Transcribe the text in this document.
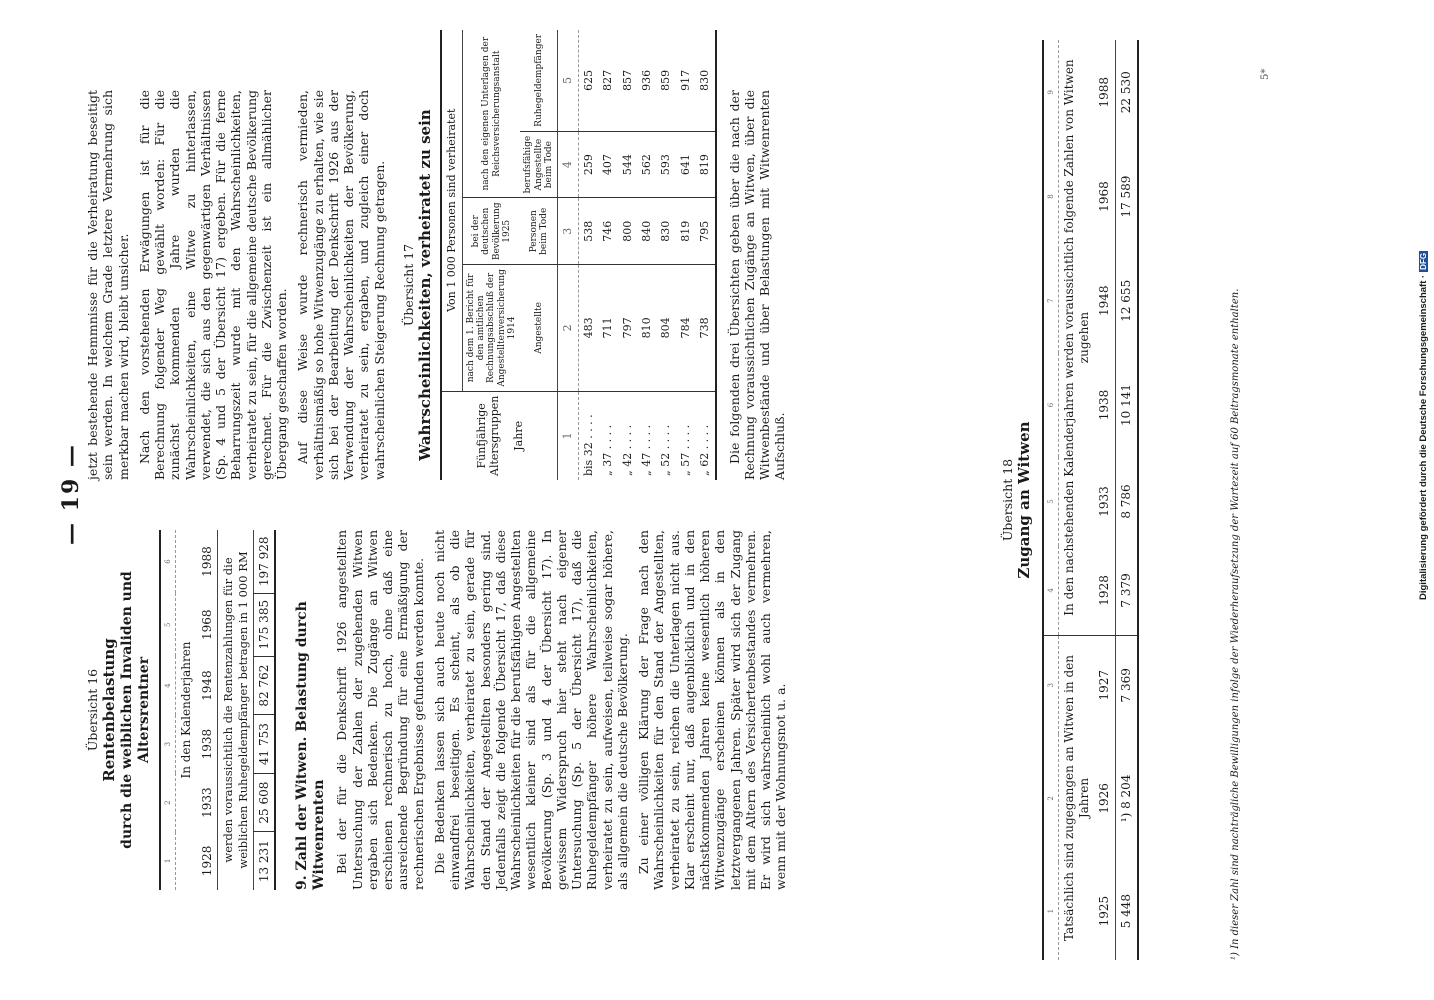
— 19 —
Übersicht 16 Rentenbelastung durch die weiblichen Invaliden und Altersrentner
1	2	3	4	5	6
In den Kalenderjahren					
1928	1933	1938	1948	1968	1988
werden voraussichtlich die Rentenzahlungen für die weiblichen Ruhegeldempfänger betragen in 1 000 RM					
13 231	25 608	41 753	82 762	175 385	197 928
9. Zahl der Witwen. Belastung durch Witwenrenten Bei der für die Denkschrift 1926 angestellten Untersuchung der Zahlen der zugehenden Witwen ergaben sich Bedenken. Die Zugänge an Witwen erschienen rechnerisch zu hoch, ohne daß eine ausreichende Begründung für eine Ermäßigung der rechnerischen Ergebnisse gefunden werden konnte. Die Bedenken lassen sich auch heute noch nicht einwandfrei beseitigen. Es scheint, als ob die Wahrscheinlichkeiten, verheiratet zu sein, gerade für den Stand der Angestellten besonders gering sind. Jedenfalls zeigt die folgende Übersicht 17, daß diese Wahrscheinlichkeiten für die berufsfähigen Angestellten wesentlich kleiner sind als für die allgemeine Bevölkerung (Sp. 3 und 4 der Übersicht 17). In gewissem Widerspruch hier steht nach eigener Untersuchung (Sp. 5 der Übersicht 17), daß die Ruhegeldempfänger höhere Wahrscheinlichkeiten, verheiratet zu sein, aufweisen, teilweise sogar höhere, als allgemein die deutsche Bevölkerung. Zu einer völligen Klärung der Frage nach den Wahrscheinlichkeiten für den Stand der Angestellten, verheiratet zu sein, reichen die Unterlagen nicht aus. Klar erscheint nur, daß augenblicklich und in den nächstkommenden Jahren keine wesentlich höheren Witwenzugänge erscheinen können als in den letztvergangenen Jahren. Später wird sich der Zugang mit dem Altern des Versichertenbestandes vermehren. Er wird sich wahrscheinlich wohl auch vermehren, wenn mit der Wohnungsnot u. a.

jetzt bestehende Hemmnisse für die Verheiratung beseitigt sein werden. In welchem Grade letztere Vermehrung sich merkbar machen wird, bleibt unsicher. Nach den vorstehenden Erwägungen ist für die Berechnung folgender Weg gewählt worden: Für die zunächst kommenden Jahre wurden die Wahrscheinlichkeiten, eine Witwe zu hinterlassen, verwendet, die sich aus den gegenwärtigen Verhältnissen (Sp. 4 und 5 der Übersicht 17) ergeben. Für die ferne Beharrungszeit wurde mit den Wahrscheinlichkeiten, verheiratet zu sein, für die allgemeine deutsche Bevölkerung gerechnet. Für die Zwischenzeit ist ein allmählicher Übergang geschaffen worden. Auf diese Weise wurde rechnerisch vermieden, verhältnismäßig so hohe Witwenzugänge zu erhalten, wie sie sich bei der Bearbeitung der Denkschrift 1926 aus der Verwendung der Wahrscheinlichkeiten der Bevölkerung, verheiratet zu sein, ergaben, und zugleich einer doch wahrscheinlichen Steigerung Rechnung getragen. Übersicht 17 Wahrscheinlichkeiten, verheiratet zu sein	Fünfjährige Altersgruppen Jahre	Von 1 000 Personen sind verheiratet			
	nach dem 1. Bericht für den amtlichen Rechnungsabschluß der Angestelltenversicherung 1914	bei der deutschen Bevölkerung 1925	nach den eigenen Unterlagen der Reichsversicherungsanstalt	
	Angestellte	Personen beim Tode	berufsfähige Angestellte beim Tode	Ruhegeldempfänger
1	2	3	4	5
bis 32 . . . .	483	538	259	625
„ 37 . . . .	711	746	407	827
„ 42 . . . .	797	800	544	857
„ 47 . . . .	810	840	562	936
„ 52 . . . .	804	830	593	859
„ 57 . . . .	784	819	641	917
„ 62 . . . .	738	795	819	830

Die folgenden drei Übersichten geben über die nach der Rechnung voraussichtlichen Zugänge an Witwen, über die Witwenbestände und über Belastungen mit Witwenrenten Aufschluß.

Übersicht 18 Zugang an Witwen
1	2	3	4	5	6	7	8	9
Tatsächlich sind zugegangen an Witwen in den Jahren			In den nachstehenden Kalenderjahren werden voraussichtlich folgende Zahlen von Witwen zugehen					
1925	1926	1927	1928	1933	1938	1948	1968	1988
5 448	¹) 8 204	7 369	7 379	8 786	10 141	12 655	17 589	22 530
¹) In dieser Zahl sind nachträgliche Bewilligungen infolge der Wiederheraufsetzung der Wartezeit auf 60 Beitragsmonate enthalten.
5*
Digitalisierung gefördert durch die Deutsche Forschungsgemeinschaft ·DFG
